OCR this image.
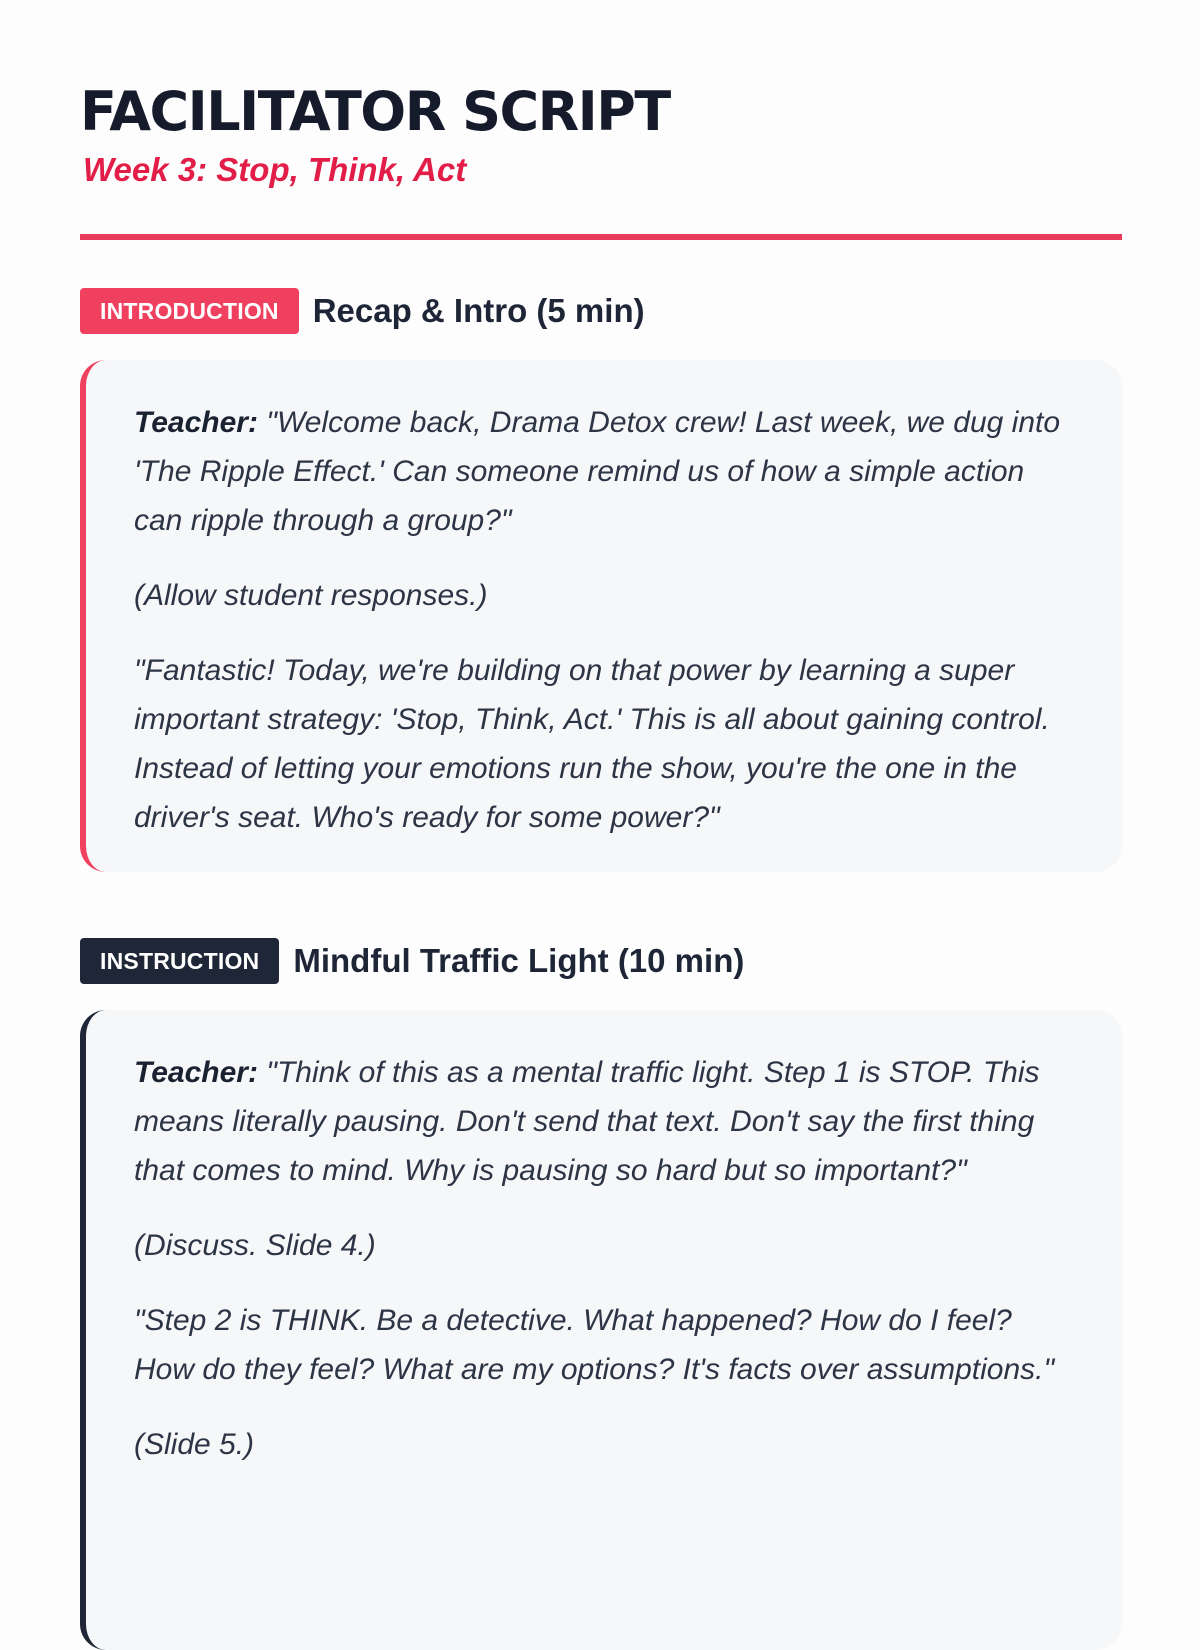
FACILITATOR SCRIPT
Week 3: Stop, Think, Act
INTRODUCTION	Recap & Intro (5 min)

Teacher: "Welcome back, Drama Detox crew! Last week, we dug into 'The Ripple Effect.' Can someone remind us of how a simple action can ripple through a group?"

(Allow student responses.)

"Fantastic! Today, we're building on that power by learning a super important strategy: 'Stop, Think, Act.' This is all about gaining control. Instead of letting your emotions run the show, you're the one in the driver's seat. Who's ready for some power?"

INSTRUCTION	Mindful Traffic Light (10 min)

Teacher: "Think of this as a mental traffic light. Step 1 is STOP. This means literally pausing. Don't send that text. Don't say the first thing that comes to mind. Why is pausing so hard but so important?"

(Discuss. Slide 4.)

"Step 2 is THINK. Be a detective. What happened? How do I feel? How do they feel? What are my options? It's facts over assumptions."

(Slide 5.)
